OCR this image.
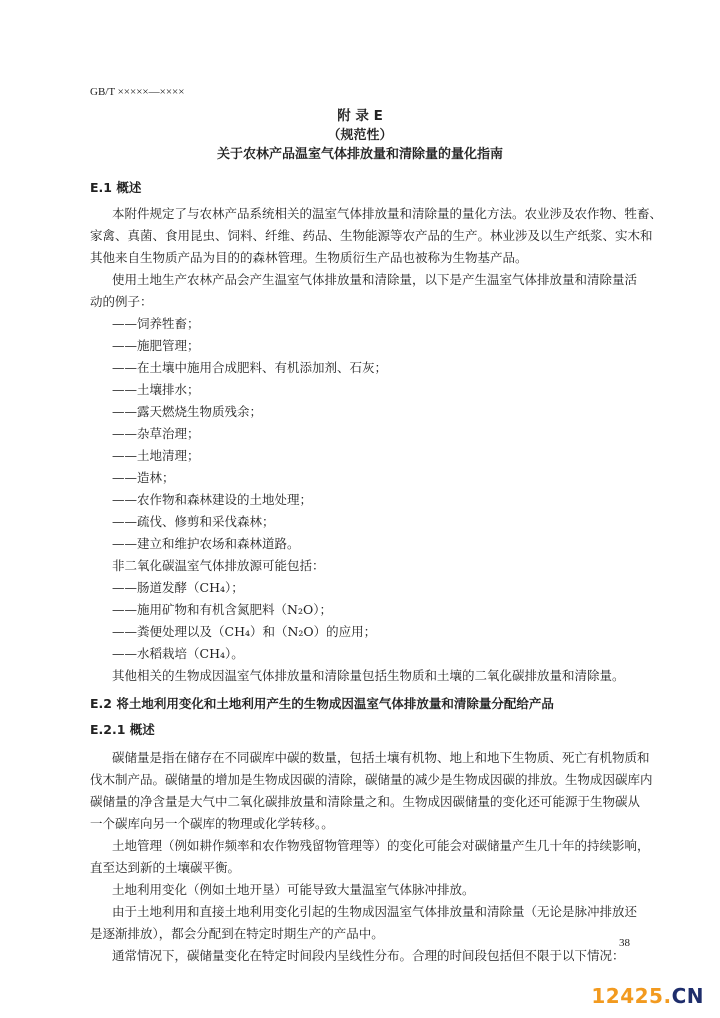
GB/T ×××××—××××
附 录 E
（规范性）
关于农林产品温室气体排放量和清除量的量化指南
E.1 概述
本附件规定了与农林产品系统相关的温室气体排放量和清除量的量化方法。农业涉及农作物、牲畜、
家禽、真菌、食用昆虫、饲料、纤维、药品、生物能源等农产品的生产。林业涉及以生产纸浆、实木和
其他来自生物质产品为目的的森林管理。生物质衍生产品也被称为生物基产品。
使用土地生产农林产品会产生温室气体排放量和清除量，以下是产生温室气体排放量和清除量活
动的例子：
——饲养牲畜；
——施肥管理；
——在土壤中施用合成肥料、有机添加剂、石灰；
——土壤排水；
——露天燃烧生物质残余；
——杂草治理；
——土地清理；
——造林；
——农作物和森林建设的土地处理；
——疏伐、修剪和采伐森林；
——建立和维护农场和森林道路。
非二氧化碳温室气体排放源可能包括：
——肠道发酵（CH₄）；
——施用矿物和有机含氮肥料（N₂O）；
——粪便处理以及（CH₄）和（N₂O）的应用；
——水稻栽培（CH₄）。
其他相关的生物成因温室气体排放量和清除量包括生物质和土壤的二氧化碳排放量和清除量。
E.2 将土地利用变化和土地利用产生的生物成因温室气体排放量和清除量分配给产品
E.2.1 概述
碳储量是指在储存在不同碳库中碳的数量，包括土壤有机物、地上和地下生物质、死亡有机物质和
伐木制产品。碳储量的增加是生物成因碳的清除，碳储量的减少是生物成因碳的排放。生物成因碳库内
碳储量的净含量是大气中二氧化碳排放量和清除量之和。生物成因碳储量的变化还可能源于生物碳从
一个碳库向另一个碳库的物理或化学转移。。
土地管理（例如耕作频率和农作物残留物管理等）的变化可能会对碳储量产生几十年的持续影响，
直至达到新的土壤碳平衡。
土地利用变化（例如土地开垦）可能导致大量温室气体脉冲排放。
由于土地利用和直接土地利用变化引起的生物成因温室气体排放量和清除量（无论是脉冲排放还
是逐渐排放），都会分配到在特定时期生产的产品中。
通常情况下，碳储量变化在特定时间段内呈线性分布。合理的时间段包括但不限于以下情况：
38
12425.CN
